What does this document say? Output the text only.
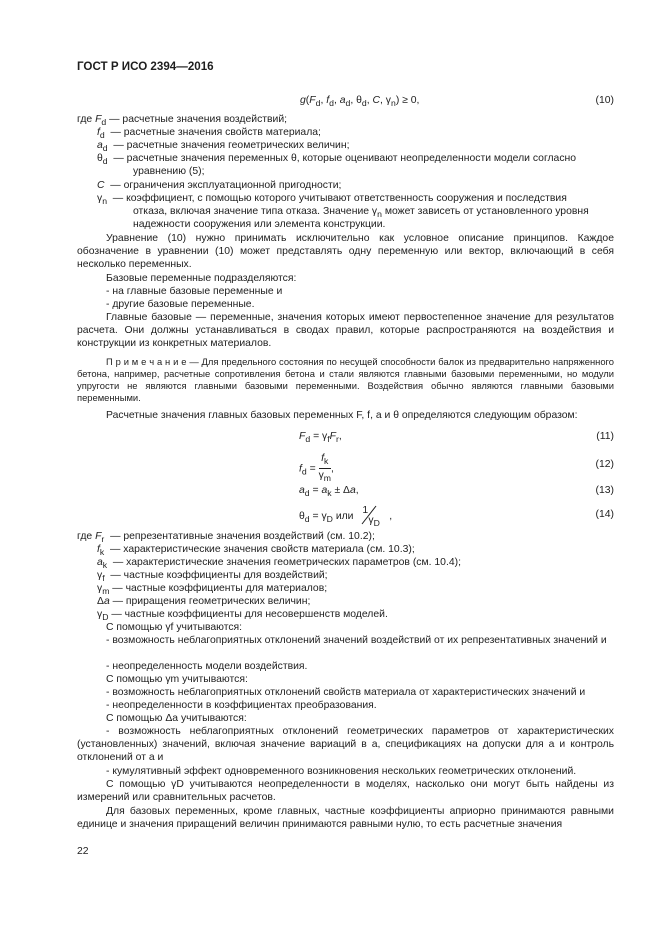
ГОСТ Р ИСО 2394—2016
$g(F_d$, $f_d$, $a_d$, $\theta_d$, C, $\gamma_n) \ge 0$,	(10)
где $F_d$ — расчетные значения воздействий;
$f_d$  — расчетные значения свойств материала;
$a_d$  — расчетные значения геометрических величин;
$\theta_d$  — расчетные значения переменных θ, которые оценивают неопределенности модели согласно
уравнению (5);
C  — ограничения эксплуатационной пригодности;
$\gamma_n$  — коэффициент, с помощью которого учитывают ответственность сооружения и последствия
отказа, включая значение типа отказа. Значение $\gamma_n$ может зависеть от установленного уровня
надежности сооружения или элемента конструкции.
Уравнение (10) нужно принимать исключительно как условное описание принципов. Каждое обозначение в уравнении (10) может представлять одну переменную или вектор, включающий в себя несколько переменных.
Базовые переменные подразделяются:
- на главные базовые переменные и
- другие базовые переменные.
Главные базовые — переменные, значения которых имеют первостепенное значение для результатов расчета. Они должны устанавливаться в сводах правил, которые распространяются на воздействия и конструкции из конкретных материалов.
П р и м е ч а н и е — Для предельного состояния по несущей способности балок из предварительно напряженного бетона, например, расчетные сопротивления бетона и стали являются главными базовыми переменными, но модули упругости не являются главными базовыми переменными. Воздействия обычно являются главными базовыми переменными.
Расчетные значения главных базовых переменных F, f, a и θ определяются следующим образом:
$F_d = \gamma_fF_r$,	(11)
$f_d = \frac{f_k}{\gamma_m}$ ,	(12)
$a_d = a_k \pm \Delta a$,	(13)
$\theta_d = \gamma_D$ или
1
$\gamma_D$
,	(14)
где $F_r$  — репрезентативные значения воздействий (см. 10.2);
$f_k$  — характеристические значения свойств материала (см. 10.3);
$a_k$  — характеристические значения геометрических параметров (см. 10.4);
$\gamma_f$  — частные коэффициенты для воздействий;
$\gamma_m$ — частные коэффициенты для материалов;
Δa — приращения геометрических величин;
$\gamma_D$ — частные коэффициенты для несовершенств моделей.
С помощью γf учитываются:
- возможность неблагоприятных отклонений значений воздействий от их репрезентативных значений и
- неопределенность модели воздействия.
С помощью γm учитываются:
- возможность неблагоприятных отклонений свойств материала от характеристических значений и
- неопределенности в коэффициентах преобразования.
С помощью Δa учитываются:
- возможность неблагоприятных отклонений геометрических параметров от характеристических (установленных) значений, включая значение вариаций в a, спецификациях на допуски для a и контроль отклонений от a и
- кумулятивный эффект одновременного возникновения нескольких геометрических отклонений.
С помощью γD учитываются неопределенности в моделях, насколько они могут быть найдены из измерений или сравнительных расчетов.
Для базовых переменных, кроме главных, частные коэффициенты априорно принимаются равными единице и значения приращений величин принимаются равными нулю, то есть расчетные значения
22
